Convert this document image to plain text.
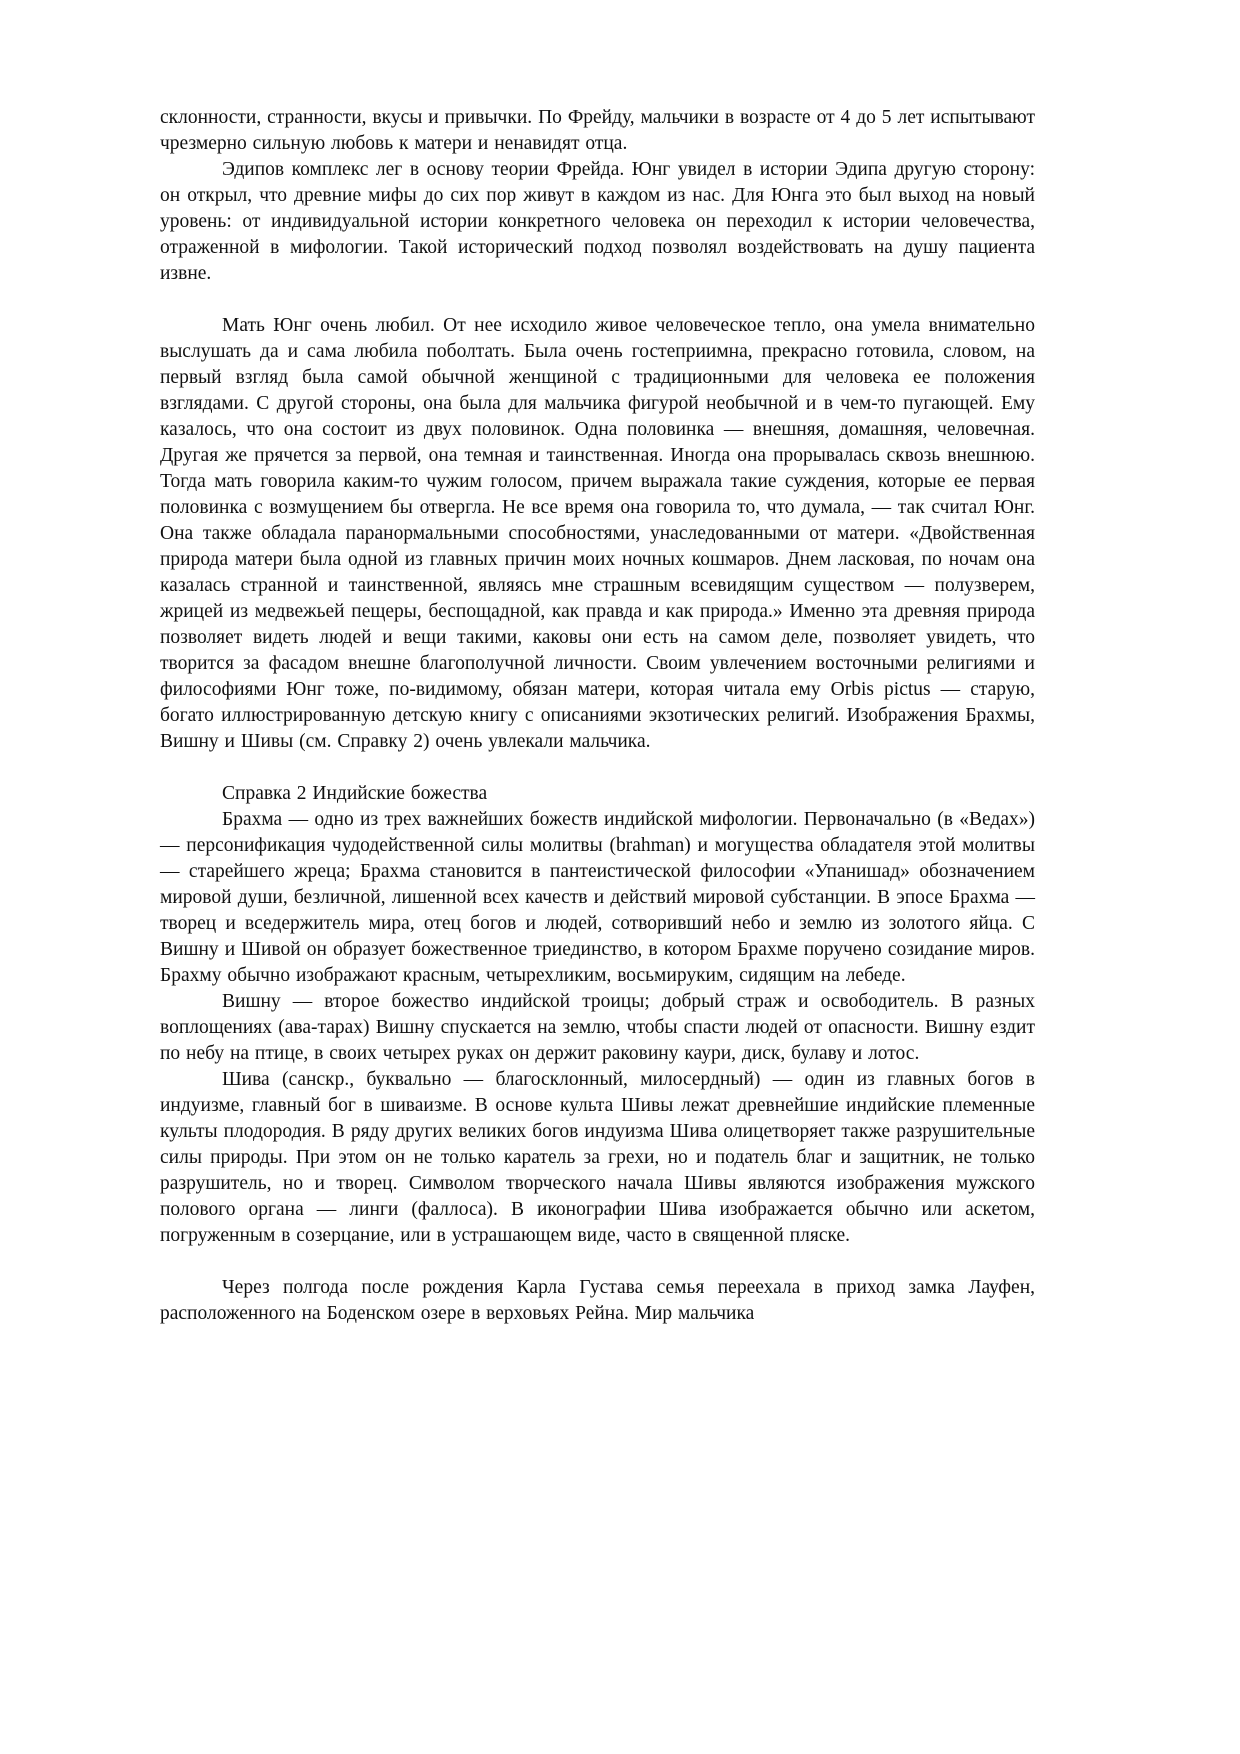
склонности, странности, вкусы и привычки. По Фрейду, мальчики в возрасте от 4 до 5 лет испытывают чрезмерно сильную любовь к матери и ненавидят отца.

Эдипов комплекс лег в основу теории Фрейда. Юнг увидел в истории Эдипа другую сторону: он открыл, что древние мифы до сих пор живут в каждом из нас. Для Юнга это был выход на новый уровень: от индивидуальной истории конкретного человека он переходил к истории человечества, отраженной в мифологии. Такой исторический подход позволял воздействовать на душу пациента извне.

Мать Юнг очень любил. От нее исходило живое человеческое тепло, она умела внимательно выслушать да и сама любила поболтать. Была очень гостеприимна, прекрасно готовила, словом, на первый взгляд была самой обычной женщиной с традиционными для человека ее положения взглядами. С другой стороны, она была для мальчика фигурой необычной и в чем-то пугающей. Ему казалось, что она состоит из двух половинок. Одна половинка — внешняя, домашняя, человечная. Другая же прячется за первой, она темная и таинственная. Иногда она прорывалась сквозь внешнюю. Тогда мать говорила каким-то чужим голосом, причем выражала такие суждения, которые ее первая половинка с возмущением бы отвергла. Не все время она говорила то, что думала, — так считал Юнг. Она также обладала паранормальными способностями, унаследованными от матери. «Двойственная природа матери была одной из главных причин моих ночных кошмаров. Днем ласковая, по ночам она казалась странной и таинственной, являясь мне страшным всевидящим существом — полузверем, жрицей из медвежьей пещеры, беспощадной, как правда и как природа.» Именно эта древняя природа позволяет видеть людей и вещи такими, каковы они есть на самом деле, позволяет увидеть, что творится за фасадом внешне благополучной личности. Своим увлечением восточными религиями и философиями Юнг тоже, по-видимому, обязан матери, которая читала ему Orbis pictus — старую, богато иллюстрированную детскую книгу с описаниями экзотических религий. Изображения Брахмы, Вишну и Шивы (см. Справку 2) очень увлекали мальчика.

Справка 2 Индийские божества

Брахма — одно из трех важнейших божеств индийской мифологии. Первоначально (в «Ведах») — персонификация чудодейственной силы молитвы (brahman) и могущества обладателя этой молитвы — старейшего жреца; Брахма становится в пантеистической философии «Упанишад» обозначением мировой души, безличной, лишенной всех качеств и действий мировой субстанции. В эпосе Брахма — творец и вседержитель мира, отец богов и людей, сотворивший небо и землю из золотого яйца. С Вишну и Шивой он образует божественное триединство, в котором Брахме поручено созидание миров. Брахму обычно изображают красным, четырехликим, восьмируким, сидящим на лебеде.

Вишну — второе божество индийской троицы; добрый страж и освободитель. В разных воплощениях (ава-тарах) Вишну спускается на землю, чтобы спасти людей от опасности. Вишну ездит по небу на птице, в своих четырех руках он держит раковину каури, диск, булаву и лотос.

Шива (санскр., буквально — благосклонный, милосердный) — один из главных богов в индуизме, главный бог в шиваизме. В основе культа Шивы лежат древнейшие индийские племенные культы плодородия. В ряду других великих богов индуизма Шива олицетворяет также разрушительные силы природы. При этом он не только каратель за грехи, но и податель благ и защитник, не только разрушитель, но и творец. Символом творческого начала Шивы являются изображения мужского полового органа — линги (фаллоса). В иконографии Шива изображается обычно или аскетом, погруженным в созерцание, или в устрашающем виде, часто в священной пляске.

Через полгода после рождения Карла Густава семья переехала в приход замка Лауфен, расположенного на Боденском озере в верховьях Рейна. Мир мальчика
